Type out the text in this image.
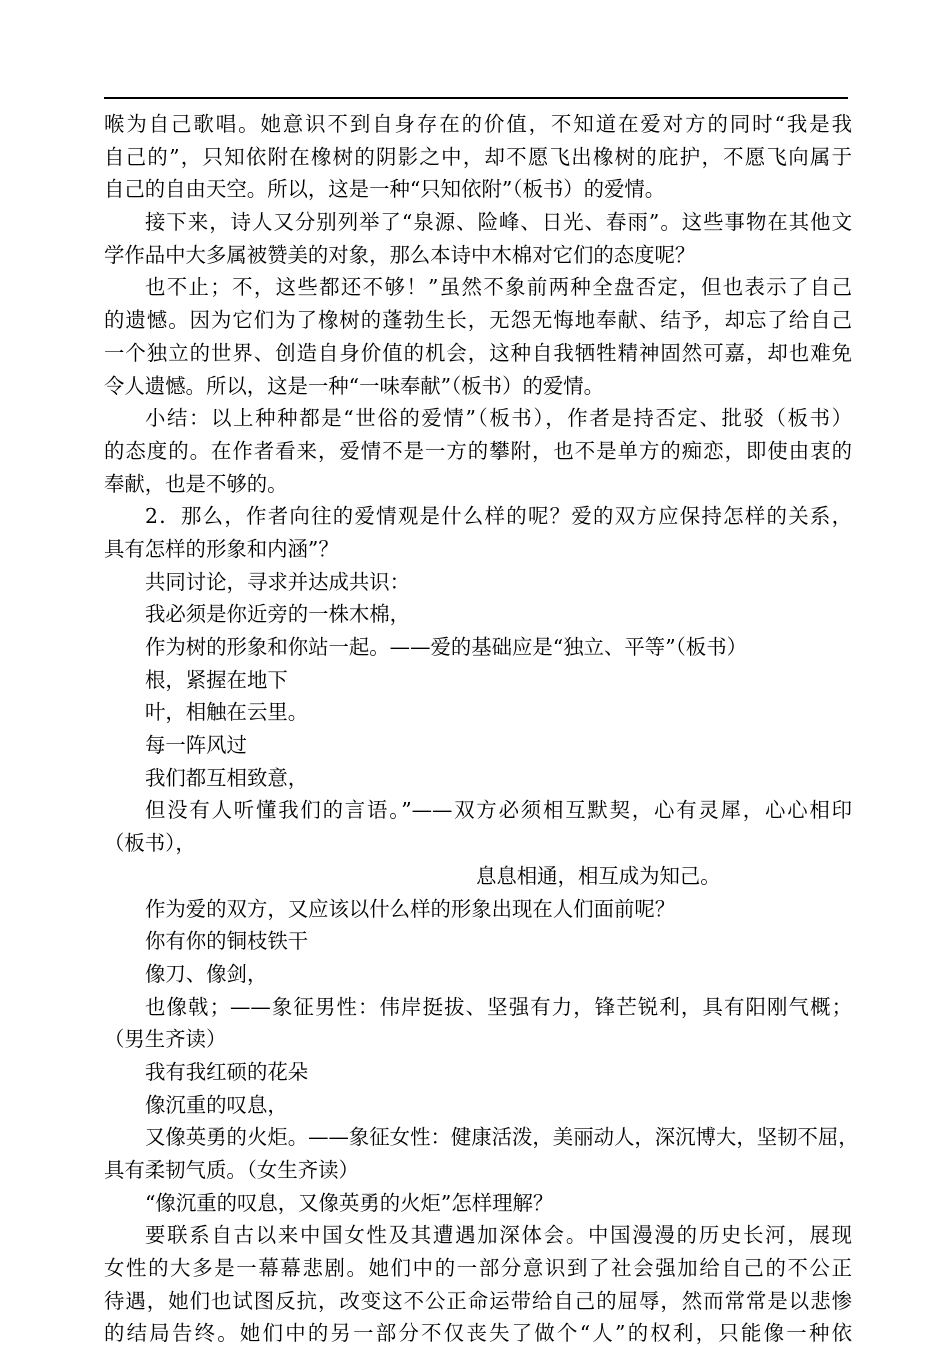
喉为自己歌唱。她意识不到自身存在的价值，不知道在爱对方的同时“我是我
自己的”，只知依附在橡树的阴影之中，却不愿飞出橡树的庇护，不愿飞向属于
自己的自由天空。所以，这是一种“只知依附”（板书）的爱情。
接下来，诗人又分别列举了“泉源、险峰、日光、春雨”。这些事物在其他文
学作品中大多属被赞美的对象，那么本诗中木棉对它们的态度呢？
也不止；不，这些都还不够！”虽然不象前两种全盘否定，但也表示了自己
的遗憾。因为它们为了橡树的蓬勃生长，无怨无悔地奉献、结予，却忘了给自己
一个独立的世界、创造自身价值的机会，这种自我牺牲精神固然可嘉，却也难免
令人遗憾。所以，这是一种“一味奉献”（板书）的爱情。
小结：以上种种都是“世俗的爱情”（板书），作者是持否定、批驳（板书）
的态度的。在作者看来，爱情不是一方的攀附，也不是单方的痴恋，即使由衷的
奉献，也是不够的。
2．那么，作者向往的爱情观是什么样的呢？爱的双方应保持怎样的关系，
具有怎样的形象和内涵”？
共同讨论，寻求并达成共识：
我必须是你近旁的一株木棉，
作为树的形象和你站一起。——爱的基础应是“独立、平等”（板书）
根，紧握在地下
叶，相触在云里。
每一阵风过
我们都互相致意，
但没有人听懂我们的言语。”——双方必须相互默契，心有灵犀，心心相印
（板书），
息息相通，相互成为知己。
作为爱的双方，又应该以什么样的形象出现在人们面前呢？
你有你的铜枝铁干
像刀、像剑，
也像戟；——象征男性：伟岸挺拔、坚强有力，锋芒锐利，具有阳刚气概；
（男生齐读）
我有我红硕的花朵
像沉重的叹息，
又像英勇的火炬。——象征女性：健康活泼，美丽动人，深沉博大，坚韧不屈，
具有柔韧气质。（女生齐读）
“像沉重的叹息，又像英勇的火炬”怎样理解？
要联系自古以来中国女性及其遭遇加深体会。中国漫漫的历史长河，展现
女性的大多是一幕幕悲剧。她们中的一部分意识到了社会强加给自己的不公正
待遇，她们也试图反抗，改变这不公正命运带给自己的屈辱，然而常常是以悲惨
的结局告终。她们中的另一部分不仅丧失了做个“人”的权利，只能像一种依
